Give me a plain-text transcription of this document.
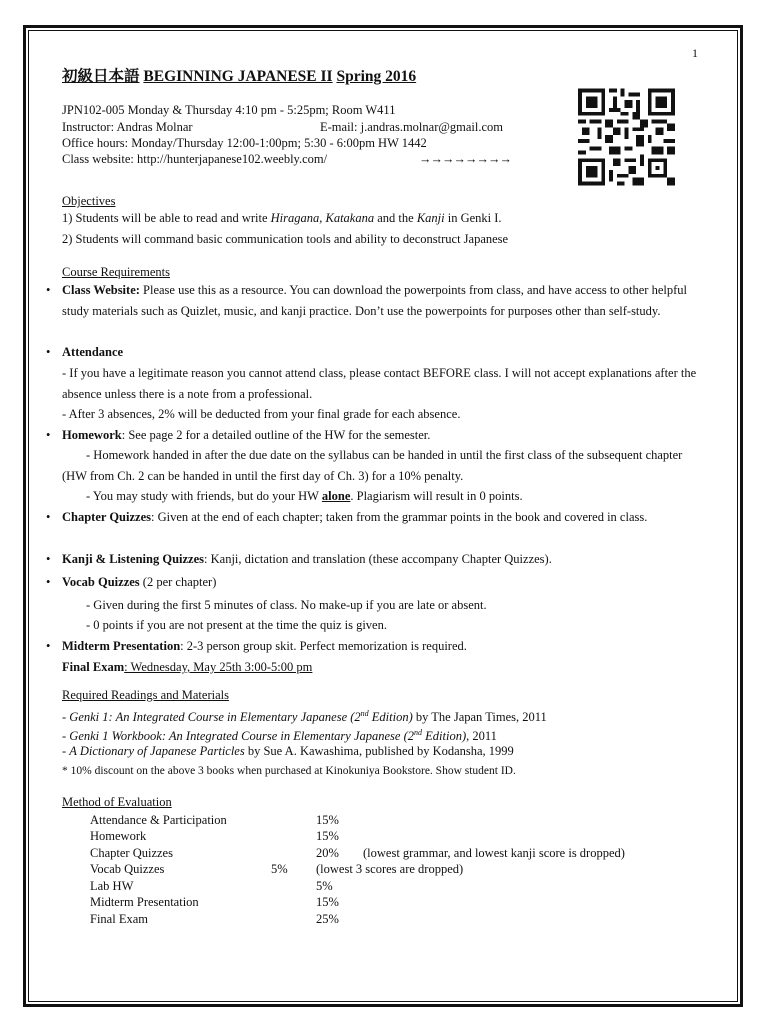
1
初級日本語 BEGINNING JAPANESE II Spring 2016
JPN102-005 Monday & Thursday 4:10 pm - 5:25pm; Room W411
Instructor: Andras Molnar	E-mail: j.andras.molnar@gmail.com
Office hours: Monday/Thursday 12:00-1:00pm; 5:30 - 6:00pm HW 1442
Class website: http://hunterjapanese102.weebly.com/	→→→→→→→→
Objectives
1) Students will be able to read and write Hiragana, Katakana and the Kanji in Genki I.
2) Students will command basic communication tools and ability to deconstruct Japanese
Course Requirements
• Class Website: Please use this as a resource. You can download the powerpoints from class, and have access to other helpful study materials such as Quizlet, music, and kanji practice. Don’t use the powerpoints for purposes other than self-study.
• Attendance
- If you have a legitimate reason you cannot attend class, please contact BEFORE class. I will not accept explanations after the absence unless there is a note from a professional.
- After 3 absences, 2% will be deducted from your final grade for each absence.
• Homework: See page 2 for a detailed outline of the HW for the semester.
- Homework handed in after the due date on the syllabus can be handed in until the first class of the subsequent chapter (HW from Ch. 2 can be handed in until the first day of Ch. 3) for a 10% penalty.
- You may study with friends, but do your HW alone. Plagiarism will result in 0 points.
• Chapter Quizzes: Given at the end of each chapter; taken from the grammar points in the book and covered in class.
• Kanji & Listening Quizzes: Kanji, dictation and translation (these accompany Chapter Quizzes).
• Vocab Quizzes (2 per chapter)
- Given during the first 5 minutes of class. No make-up if you are late or absent.
- 0 points if you are not present at the time the quiz is given.
• Midterm Presentation: 2-3 person group skit. Perfect memorization is required.
Final Exam: Wednesday, May 25th 3:00-5:00 pm
Required Readings and Materials
- Genki 1: An Integrated Course in Elementary Japanese (2nd Edition) by The Japan Times, 2011
- Genki 1 Workbook: An Integrated Course in Elementary Japanese (2nd Edition), 2011
- A Dictionary of Japanese Particles by Sue A. Kawashima, published by Kodansha, 1999
* 10% discount on the above 3 books when purchased at Kinokuniya Bookstore. Show student ID.
Method of Evaluation
Attendance & Participation	15%
Homework	15%
Chapter Quizzes	20% (lowest grammar, and lowest kanji score is dropped)
Vocab Quizzes	5% (lowest 3 scores are dropped)
Lab HW	5%
Midterm Presentation	15%
Final Exam	25%
